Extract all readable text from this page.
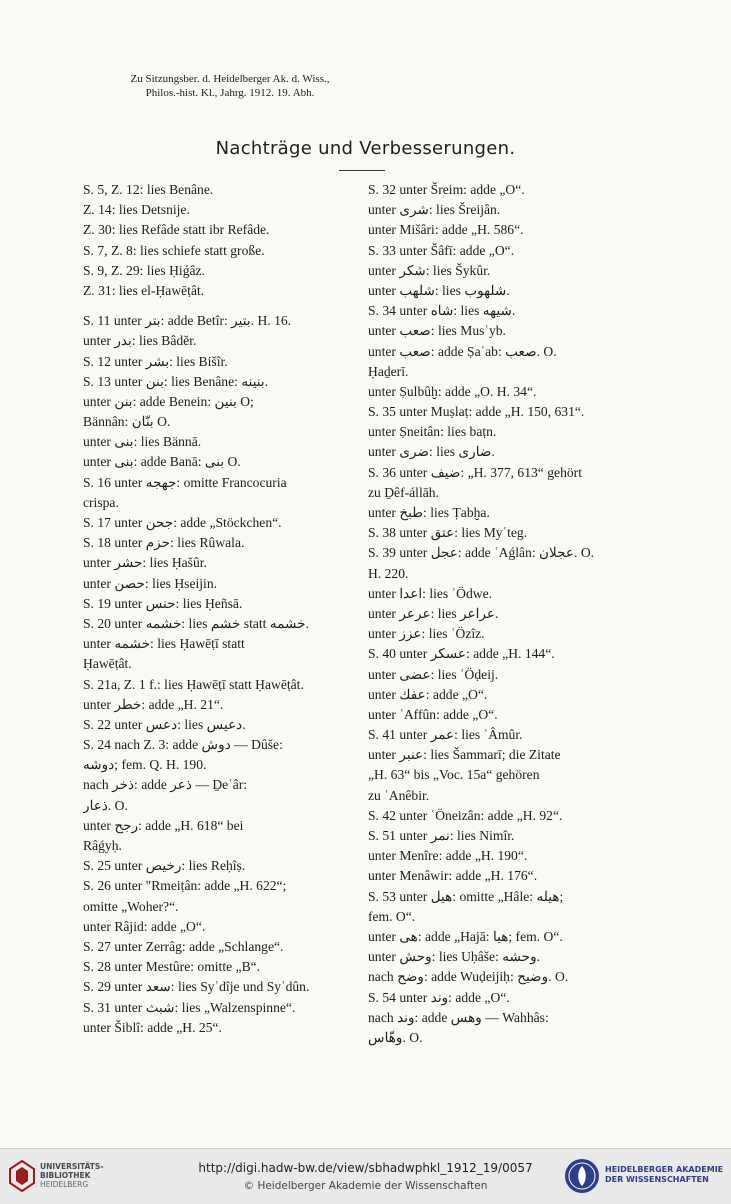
Zu Sitzungsber. d. Heidelberger Ak. d. Wiss.,
Philos.-hist. Kl., Jahrg. 1912. 19. Abh.
Nachträge und Verbesserungen.
S. 5, Z. 12: lies Benâne.
Z. 14: lies Detsnije.
Z. 30: lies Refâde statt ibr Refâde.
S. 7, Z. 8: lies schiefe statt große.
S. 9, Z. 29: lies Ḥiǵâz.
Z. 31: lies el-Ḥawēṭât.
S. 11 unter بتر: adde Betîr: بتير. H. 16.
unter بدر: lies Bâdĕr.
S. 12 unter بشر: lies Bišîr.
S. 13 unter بنن: lies Benâne: بنينه.
unter بنن: adde Benein: بنين O;
Bännân: بنّان O.
unter بنى: lies Bännā.
unter بنى: adde Banā: بنى O.
S. 16 unter جهجه: omitte Francocuria
crispa.
S. 17 unter جحن: adde „Stöckchen“.
S. 18 unter حزم: lies Rûwala.
unter حشر: lies Ḥašûr.
unter حصن: lies Ḥseijin.
S. 19 unter حنس: lies Ḥeñsā.
S. 20 unter خشمه: lies خشم statt خشمه.
unter خشمه: lies Ḥawēṭī statt
Ḥawēṭât.
S. 21a, Z. 1 f.: lies Ḥawēṭī statt Ḥawēṭât.
unter خطر: adde „H. 21“.
S. 22 unter دعس: lies دعيس.
S. 24 nach Z. 3: adde دوش — Dûše:
دوشه; fem. Q. H. 190.
nach ذخر: adde ذعر — Ḏeʿâr:
ذعار. O.
unter رجح: adde „H. 618“ bei
Râǵyḥ.
S. 25 unter رخيص: lies Reḥîṣ.
S. 26 unter "Rmeiṭân: adde „H. 622“;
omitte „Woher?“.
unter Râjid: adde „O“.
S. 27 unter Zerrâg: adde „Schlange“.
S. 28 unter Mestûre: omitte „B“.
S. 29 unter سعد: lies Syʿdîje und Syʿdûn.
S. 31 unter شبث: lies „Walzenspinne“.
unter Šiblî: adde „H. 25“.
S. 32 unter Šreim: adde „O“.
unter شرى: lies Šreijân.
unter Mišâri: adde „H. 586“.
S. 33 unter Šâfī: adde „O“.
unter شكر: lies Šykûr.
unter شلهب: lies شلهوب.
S. 34 unter شاه: lies شيهه.
unter صعب: lies Musʿyb.
unter صعب: adde Ṣaʿab: صعب. O.
Ḥaḏerī.
unter Ṣulbûḫ: adde „O. H. 34“.
S. 35 unter Muṣlaṭ: adde „H. 150, 631“.
unter Ṣneitân: lies baṭn.
unter ضرى: lies ضارى.
S. 36 unter ضيف: „H. 377, 613“ gehört
zu Ḏêf-állāh.
unter طبخ: lies Ṭabḫa.
S. 38 unter عتق: lies Myʿteg.
S. 39 unter عجل: adde ʿAǵlân: عجلان. O.
H. 220.
unter اعدا: lies ʿÖdwe.
unter عرعر: lies عراعر.
unter عزز: lies ʿÖzîz.
S. 40 unter عسكر: adde „H. 144“.
unter عضى: lies ʿÖḍeij.
unter عفك: adde „O“.
unter ʿAffûn: adde „O“.
S. 41 unter عمر: lies ʿÂmûr.
unter عنبر: lies Šammarī; die Zitate
„H. 63“ bis „Voc. 15a“ gehören
zu ʿAnêbir.
S. 42 unter ʿÖneizân: adde „H. 92“.
S. 51 unter نمر: lies Nimîr.
unter Menîre: adde „H. 190“.
unter Menâwir: adde „H. 176“.
S. 53 unter هيل: omitte „Hâle: هيله;
fem. O“.
unter هى: adde „Hajā: هيا; fem. O“.
unter وحش: lies Uḥâše: وحشه.
nach وضح: adde Wuḍeijiḥ: وضيح. O.
S. 54 unter وند: adde „O“.
nach وند: adde وهس — Wahhâs:
وهّاس. O.
UNIVERSITÄTS-
BIBLIOTHEK
HEIDELBERG
http://digi.hadw-bw.de/view/sbhadwphkl_1912_19/0057
© Heidelberger Akademie der Wissenschaften
HEIDELBERGER AKADEMIE
DER WISSENSCHAFTEN
